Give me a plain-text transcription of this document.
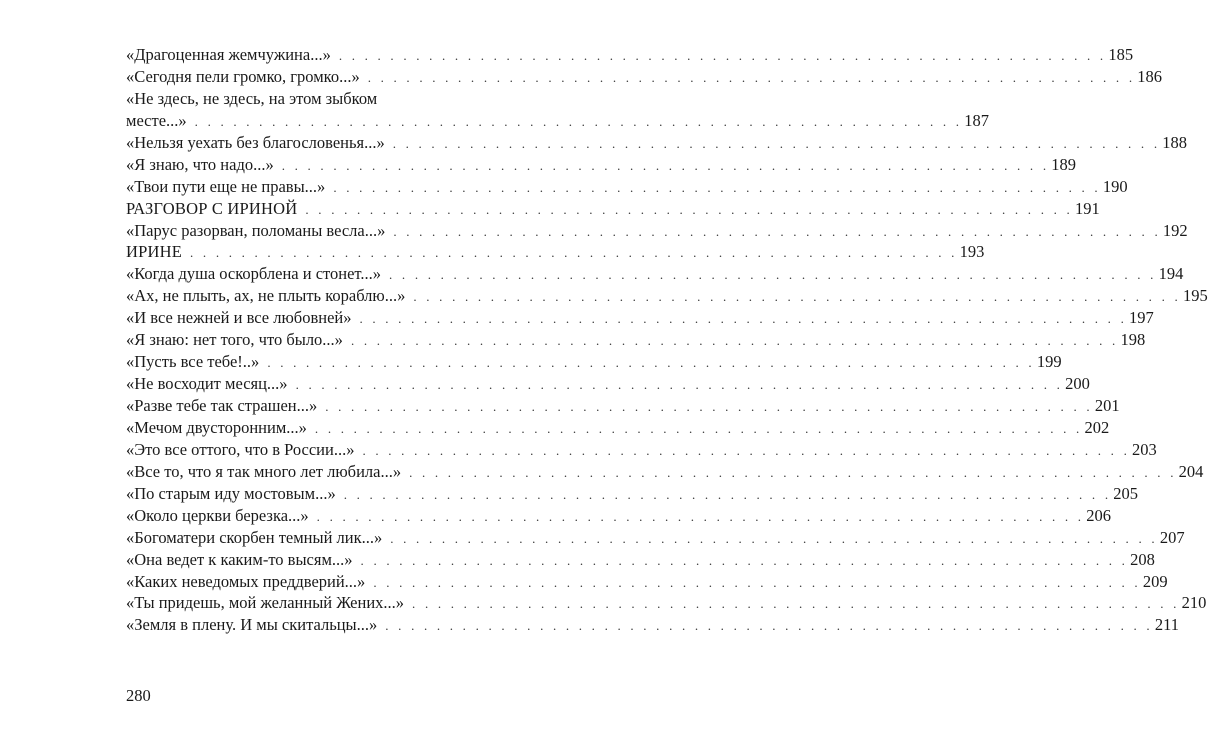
«Драгоценная жемчужина...» . . . . . . . . . . . . . . . . . . . . . . . . . . . . . . . . . . . . . . . . . . . . . . . . . . . . . . . . . . . . 185
«Сегодня пели громко, громко...» . . . . . . . . . . . . . . . . . . . . . . . . . . . . . . . . . . . . . . . . . . . . . . . . . . . . . . . . . . . . 186
«Не здесь, не здесь, на этом зыбком
месте...» . . . . . . . . . . . . . . . . . . . . . . . . . . . . . . . . . . . . . . . . . . . . . . . . . . . . . . . . . . . . 187
«Нельзя уехать без благословенья...» . . . . . . . . . . . . . . . . . . . . . . . . . . . . . . . . . . . . . . . . . . . . . . . . . . . . . . . . . . . . 188
«Я знаю, что надо...» . . . . . . . . . . . . . . . . . . . . . . . . . . . . . . . . . . . . . . . . . . . . . . . . . . . . . . . . . . . . 189
«Твои пути еще не правы...» . . . . . . . . . . . . . . . . . . . . . . . . . . . . . . . . . . . . . . . . . . . . . . . . . . . . . . . . . . . . 190
РАЗГОВОР С ИРИНОЙ . . . . . . . . . . . . . . . . . . . . . . . . . . . . . . . . . . . . . . . . . . . . . . . . . . . . . . . . . . . . 191
«Парус разорван, поломаны весла...» . . . . . . . . . . . . . . . . . . . . . . . . . . . . . . . . . . . . . . . . . . . . . . . . . . . . . . . . . . . . 192
ИРИНЕ . . . . . . . . . . . . . . . . . . . . . . . . . . . . . . . . . . . . . . . . . . . . . . . . . . . . . . . . . . . . 193
«Когда душа оскорблена и стонет...» . . . . . . . . . . . . . . . . . . . . . . . . . . . . . . . . . . . . . . . . . . . . . . . . . . . . . . . . . . . . 194
«Ах, не плыть, ах, не плыть кораблю...» . . . . . . . . . . . . . . . . . . . . . . . . . . . . . . . . . . . . . . . . . . . . . . . . . . . . . . . . . . . . 195
«И все нежней и все любовней» . . . . . . . . . . . . . . . . . . . . . . . . . . . . . . . . . . . . . . . . . . . . . . . . . . . . . . . . . . . . 197
«Я знаю: нет того, что было...» . . . . . . . . . . . . . . . . . . . . . . . . . . . . . . . . . . . . . . . . . . . . . . . . . . . . . . . . . . . . 198
«Пусть все тебе!..» . . . . . . . . . . . . . . . . . . . . . . . . . . . . . . . . . . . . . . . . . . . . . . . . . . . . . . . . . . . . 199
«Не восходит месяц...» . . . . . . . . . . . . . . . . . . . . . . . . . . . . . . . . . . . . . . . . . . . . . . . . . . . . . . . . . . . . 200
«Разве тебе так страшен...» . . . . . . . . . . . . . . . . . . . . . . . . . . . . . . . . . . . . . . . . . . . . . . . . . . . . . . . . . . . . 201
«Мечом двусторонним...» . . . . . . . . . . . . . . . . . . . . . . . . . . . . . . . . . . . . . . . . . . . . . . . . . . . . . . . . . . . . 202
«Это все оттого, что в России...» . . . . . . . . . . . . . . . . . . . . . . . . . . . . . . . . . . . . . . . . . . . . . . . . . . . . . . . . . . . . 203
«Все то, что я так много лет любила...» . . . . . . . . . . . . . . . . . . . . . . . . . . . . . . . . . . . . . . . . . . . . . . . . . . . . . . . . . . . . 204
«По старым иду мостовым...» . . . . . . . . . . . . . . . . . . . . . . . . . . . . . . . . . . . . . . . . . . . . . . . . . . . . . . . . . . . . 205
«Около церкви березка...» . . . . . . . . . . . . . . . . . . . . . . . . . . . . . . . . . . . . . . . . . . . . . . . . . . . . . . . . . . . . 206
«Богоматери скорбен темный лик...» . . . . . . . . . . . . . . . . . . . . . . . . . . . . . . . . . . . . . . . . . . . . . . . . . . . . . . . . . . . . 207
«Она ведет к каким-то высям...» . . . . . . . . . . . . . . . . . . . . . . . . . . . . . . . . . . . . . . . . . . . . . . . . . . . . . . . . . . . . 208
«Каких неведомых преддверий...» . . . . . . . . . . . . . . . . . . . . . . . . . . . . . . . . . . . . . . . . . . . . . . . . . . . . . . . . . . . . 209
«Ты придешь, мой желанный Жених...» . . . . . . . . . . . . . . . . . . . . . . . . . . . . . . . . . . . . . . . . . . . . . . . . . . . . . . . . . . . . 210
«Земля в плену. И мы скитальцы...» . . . . . . . . . . . . . . . . . . . . . . . . . . . . . . . . . . . . . . . . . . . . . . . . . . . . . . . . . . . . 211
280
